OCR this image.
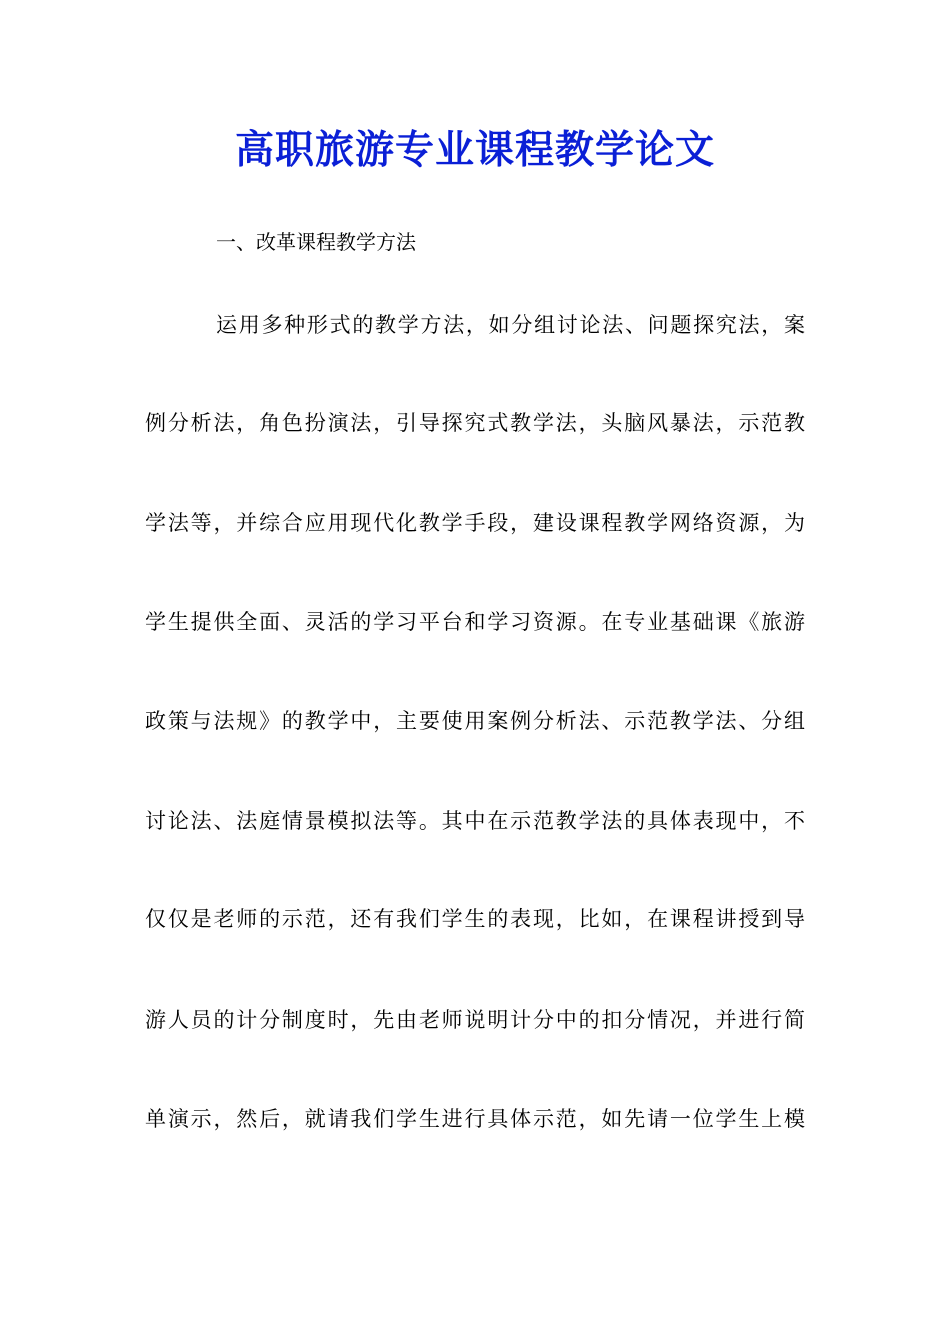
高职旅游专业课程教学论文

一、改革课程教学方法

运用多种形式的教学方法，如分组讨论法、问题探究法，案

例分析法，角色扮演法，引导探究式教学法，头脑风暴法，示范教

学法等，并综合应用现代化教学手段，建设课程教学网络资源，为

学生提供全面、灵活的学习平台和学习资源。在专业基础课《旅游

政策与法规》的教学中，主要使用案例分析法、示范教学法、分组

讨论法、法庭情景模拟法等。其中在示范教学法的具体表现中，不

仅仅是老师的示范，还有我们学生的表现，比如，在课程讲授到导

游人员的计分制度时，先由老师说明计分中的扣分情况，并进行简

单演示，然后，就请我们学生进行具体示范，如先请一位学生上模
